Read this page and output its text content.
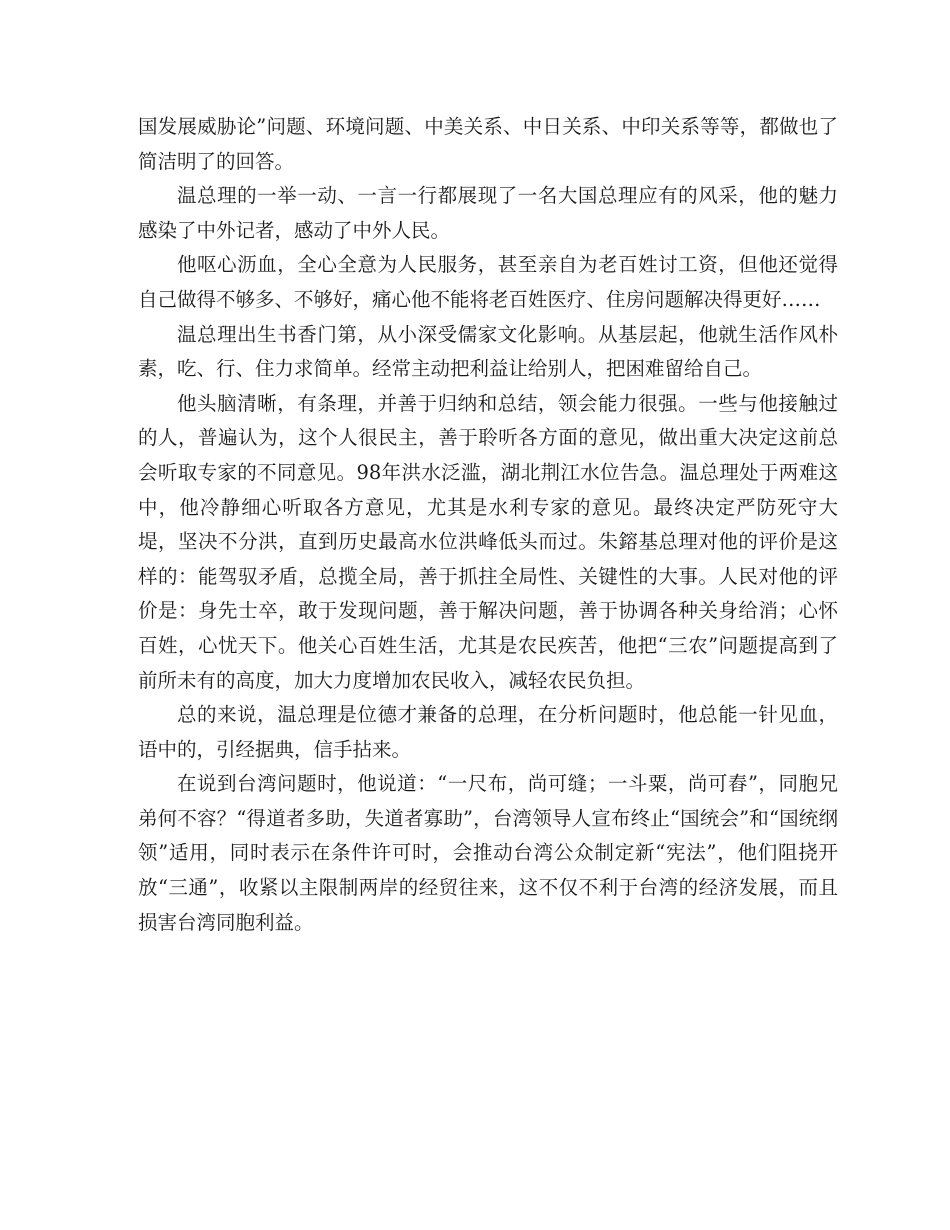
国发展威胁论”问题、环境问题、中美关系、中日关系、中印关系等等，都做也了简洁明了的回答。

温总理的一举一动、一言一行都展现了一名大国总理应有的风采，他的魅力感染了中外记者，感动了中外人民。

他呕心沥血，全心全意为人民服务，甚至亲自为老百姓讨工资，但他还觉得自己做得不够多、不够好，痛心他不能将老百姓医疗、住房问题解决得更好……

温总理出生书香门第，从小深受儒家文化影响。从基层起，他就生活作风朴素，吃、行、住力求简单。经常主动把利益让给别人，把困难留给自己。

他头脑清晰，有条理，并善于归纳和总结，领会能力很强。一些与他接触过的人，普遍认为，这个人很民主，善于聆听各方面的意见，做出重大决定这前总会听取专家的不同意见。98年洪水泛滥，湖北荆江水位告急。温总理处于两难这中，他冷静细心听取各方意见，尤其是水利专家的意见。最终决定严防死守大堤，坚决不分洪，直到历史最高水位洪峰低头而过。朱鎔基总理对他的评价是这样的：能驾驭矛盾，总揽全局，善于抓拄全局性、关键性的大事。人民对他的评价是：身先士卒，敢于发现问题，善于解决问题，善于协调各种关身给消；心怀百姓，心忧天下。他关心百姓生活，尤其是农民疾苦，他把“三农”问题提高到了前所未有的高度，加大力度增加农民收入，减轻农民负担。

总的来说，温总理是位德才兼备的总理，在分析问题时，他总能一针见血，语中的，引经据典，信手拈来。

在说到台湾问题时，他说道：“一尺布，尚可缝；一斗粟，尚可舂”，同胞兄弟何不容？“得道者多助，失道者寡助”，台湾领导人宣布终止“国统会”和“国统纲领”适用，同时表示在条件许可时，会推动台湾公众制定新“宪法”，他们阻挠开放“三通”，收紧以主限制两岸的经贸往来，这不仅不利于台湾的经济发展，而且损害台湾同胞利益。
